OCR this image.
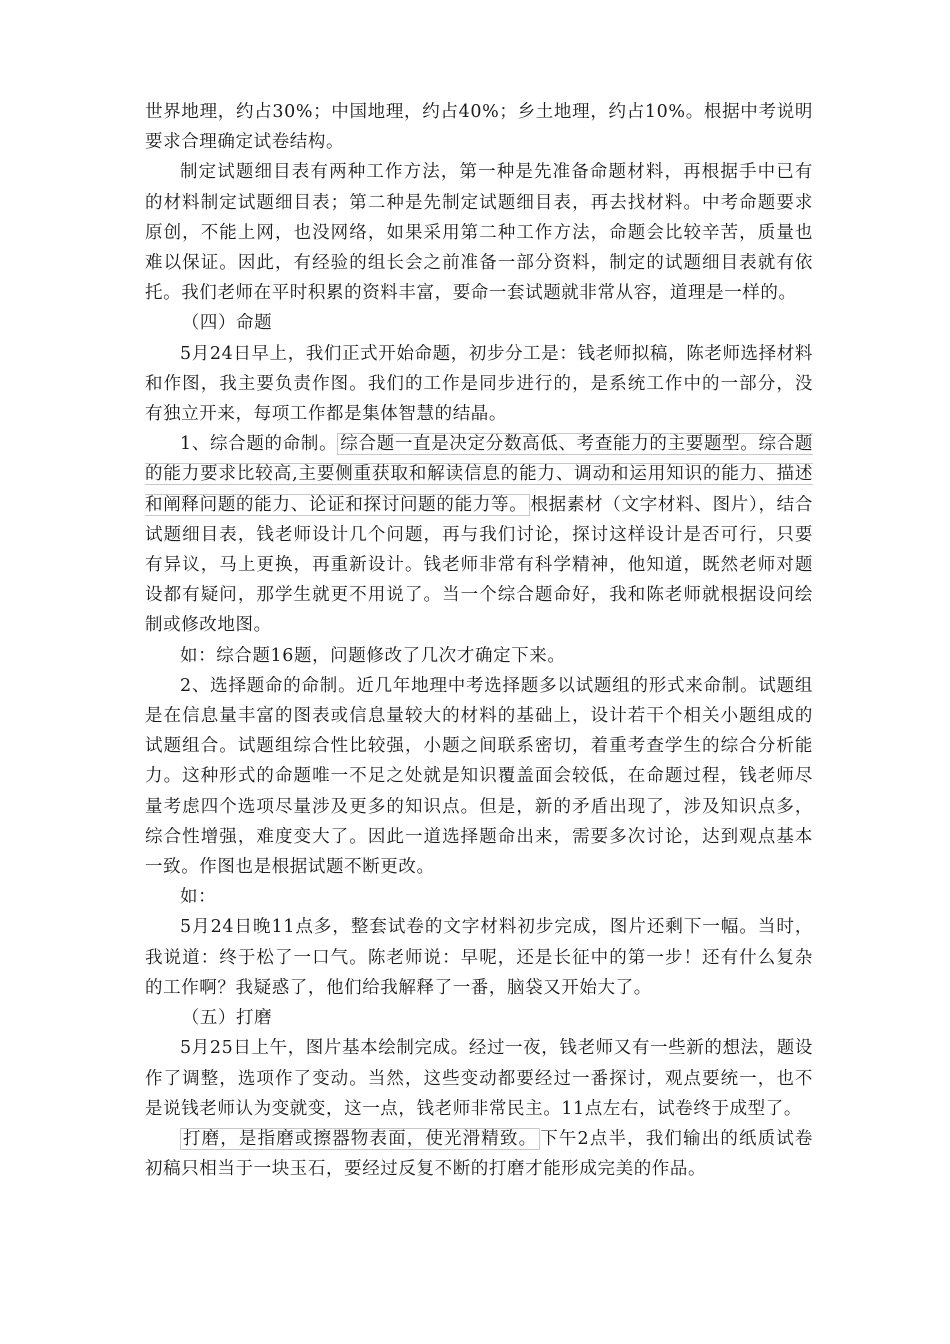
世界地理，约占30%；中国地理，约占40%；乡土地理，约占10%。根据中考说明要求合理确定试卷结构。

制定试题细目表有两种工作方法，第一种是先准备命题材料，再根据手中已有的材料制定试题细目表；第二种是先制定试题细目表，再去找材料。中考命题要求原创，不能上网，也没网络，如果采用第二种工作方法，命题会比较辛苦，质量也难以保证。因此，有经验的组长会之前准备一部分资料，制定的试题细目表就有依托。我们老师在平时积累的资料丰富，要命一套试题就非常从容，道理是一样的。

（四）命题

5月24日早上，我们正式开始命题，初步分工是：钱老师拟稿，陈老师选择材料和作图，我主要负责作图。我们的工作是同步进行的，是系统工作中的一部分，没有独立开来，每项工作都是集体智慧的结晶。

1、综合题的命制。 综合题一直是决定分数高低、考查能力的主要题型。综合题的能力要求比较高,主要侧重获取和解读信息的能力、调动和运用知识的能力、描述和阐释问题的能力、论证和探讨问题的能力等。 根据素材（文字材料、图片），结合试题细目表，钱老师设计几个问题，再与我们讨论，探讨这样设计是否可行，只要有异议，马上更换，再重新设计。钱老师非常有科学精神，他知道，既然老师对题设都有疑问，那学生就更不用说了。当一个综合题命好，我和陈老师就根据设问绘制或修改地图。

如：综合题16题，问题修改了几次才确定下来。

2、选择题命的命制。近几年地理中考选择题多以试题组的形式来命制。试题组是在信息量丰富的图表或信息量较大的材料的基础上，设计若干个相关小题组成的试题组合。试题组综合性比较强，小题之间联系密切，着重考查学生的综合分析能力。这种形式的命题唯一不足之处就是知识覆盖面会较低，在命题过程，钱老师尽量考虑四个选项尽量涉及更多的知识点。但是，新的矛盾出现了，涉及知识点多，综合性增强，难度变大了。因此一道选择题命出来，需要多次讨论，达到观点基本一致。作图也是根据试题不断更改。

如：

5月24日晚11点多，整套试卷的文字材料初步完成，图片还剩下一幅。当时，我说道：终于松了一口气。陈老师说：早呢，还是长征中的第一步！还有什么复杂的工作啊？我疑惑了，他们给我解释了一番，脑袋又开始大了。

（五）打磨

5月25日上午，图片基本绘制完成。经过一夜，钱老师又有一些新的想法，题设作了调整，选项作了变动。当然，这些变动都要经过一番探讨，观点要统一，也不是说钱老师认为变就变，这一点，钱老师非常民主。11点左右，试卷终于成型了。

打磨，是指磨或擦器物表面，使光滑精致。 下午2点半，我们输出的纸质试卷初稿只相当于一块玉石，要经过反复不断的打磨才能形成完美的作品。
